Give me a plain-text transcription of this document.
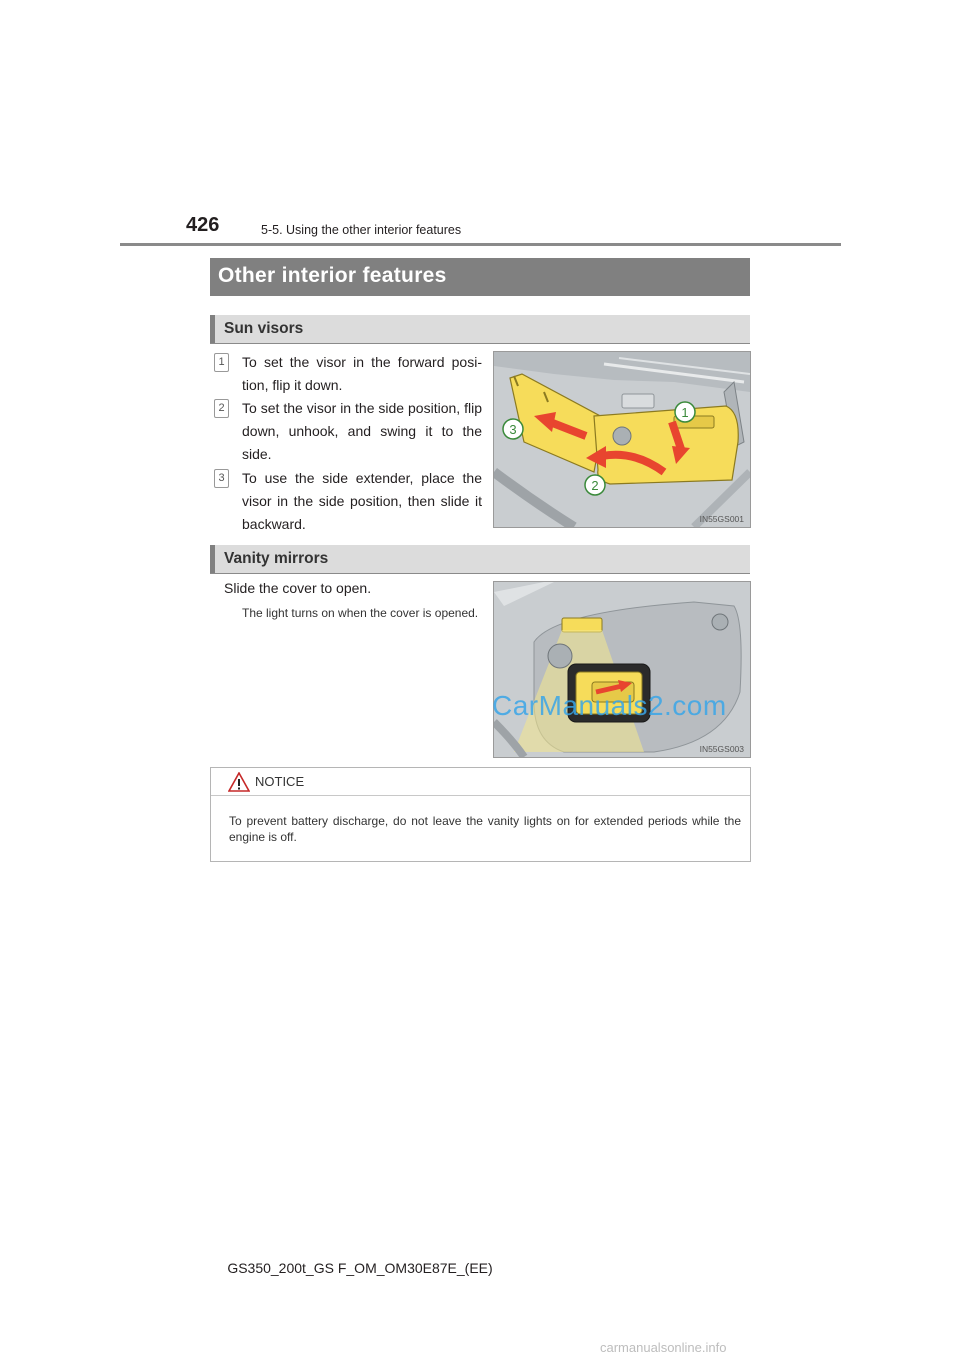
426	5-5. Using the other interior features
Other interior features
Sun visors
1	To set the visor in the forward posi-tion, flip it down.
2	To set the visor in the side position, flip down, unhook, and swing it to the side.
3	To use the side extender, place the visor in the side position, then slide it backward.
1
2
3
IN55GS001
Vanity mirrors
Slide the cover to open.
The light turns on when the cover is opened.
IN55GS003
NOTICE
To prevent battery discharge, do not leave the vanity lights on for extended periods while the engine is off.
CarManuals2.com
GS350_200t_GS F_OM_OM30E87E_(EE)
carmanualsonline.info
